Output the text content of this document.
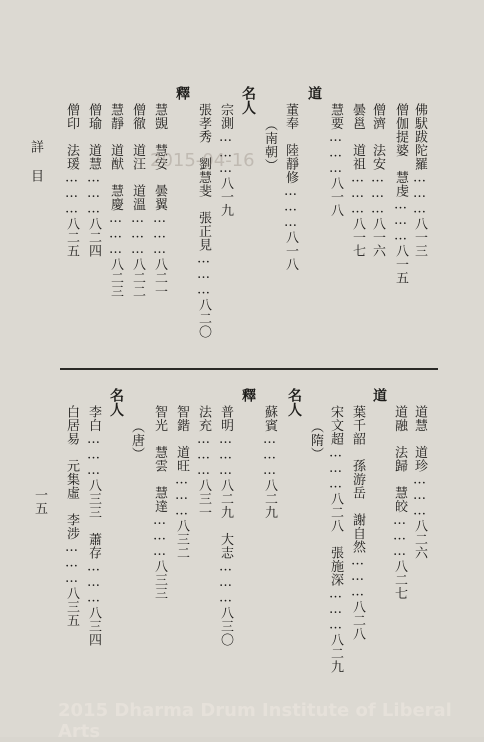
詳 目
一五
道
佛䭾跋陀羅………八一三
僧伽提婆　慧虔………八一五
僧濟　法安………八一六
曇邕　道祖………八一七
慧要………八一八
（南朝） 董奉　陸靜修………八一八
名人
宗測………八一九
張孝秀　劉慧斐　張正見………八二〇
釋
慧覬　慧安　曇翼………八二一
僧徹　道汪　道溫………八二二
慧靜　道猷　慧慶………八二三
僧瑜　道慧………八二四
僧印　法瑗………八二五
道慧　道珍………八二六
道融　法歸　慧皎………八二七
道
葉千韶　孫游岳　謝自然………八二八
宋文超………八二八　張施深………八二九
（隋）
名人
蘇賓………八二九
釋
普明………八二九　大志………八三〇
法充………八三一
智鍇　道旺………八三二
智光　慧雲　慧達………八三三
（唐）
名人
李白………八三三　蕭存………八三四
白居易　元集虛　李涉………八三五
2015-04-16
2015 Dharma Drum Institute of Liberal Arts
